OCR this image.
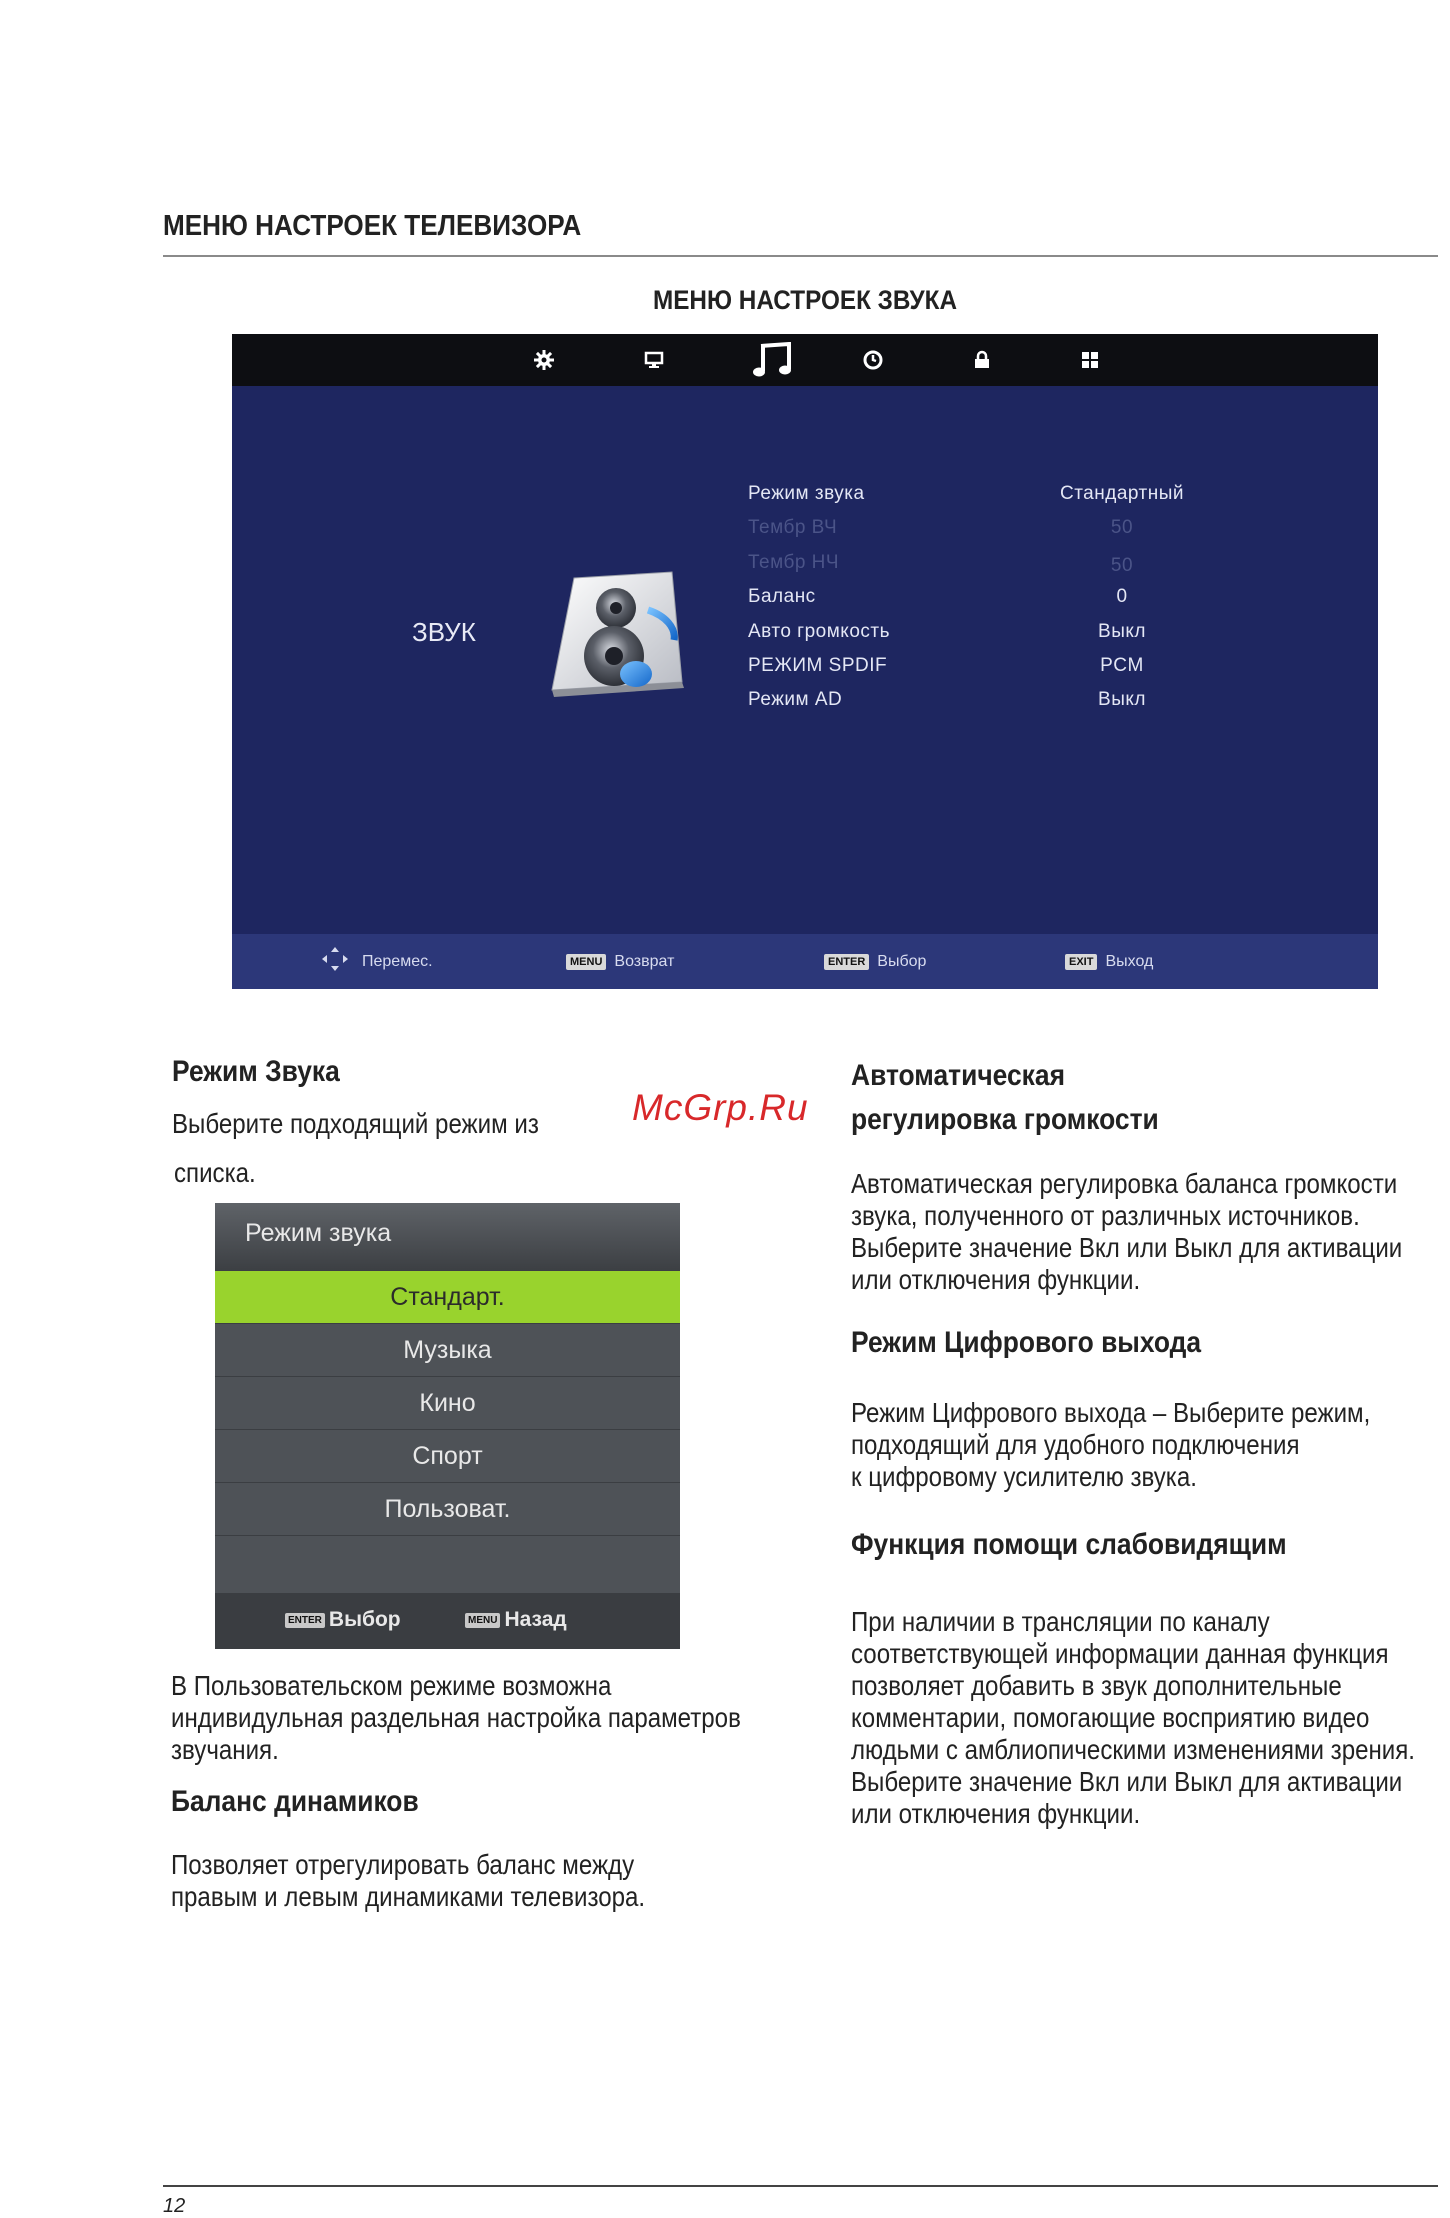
МЕНЮ НАСТРОЕК ТЕЛЕВИЗОРА
МЕНЮ НАСТРОЕК ЗВУКА
ЗВУК
Режим звука	Стандартный
Тембр ВЧ	50
Тембр НЧ	50
Баланс	0
Авто громкость	Выкл
РЕЖИМ SPDIF	PCM
Режим AD	Выкл
Перемес.	MENU Возврат	ENTER Выбор	EXIT Выход
Режим Звука
Выберите подходящий режим из
списка.
McGrp.Ru
Режим звука
Стандарт.
Музыка
Кино
Спорт
Пользоват.
ENTER Выбор	MENU Назад
В Пользовательском режиме возможна
индивидульная раздельная настройка параметров
звучания.
Баланс динамиков
Позволяет отрегулировать баланс между
правым и левым динамиками телевизора.
Автоматическая
регулировка громкости
Автоматическая регулировка баланса громкости
звука, полученного от различных источников.
Выберите значение Вкл или Выкл для активации
или отключения функции.
Режим Цифрового выхода
Режим Цифрового выхода – Выберите режим,
подходящий для удобного подключения
к цифровому усилителю звука.
Функция помощи слабовидящим
При наличии в трансляции по каналу
соответствующей информации данная функция
позволяет добавить в звук дополнительные
комментарии, помогающие восприятию видео
людьми с амблиопическими изменениями зрения.
Выберите значение Вкл или Выкл для активации
или отключения функции.
12
